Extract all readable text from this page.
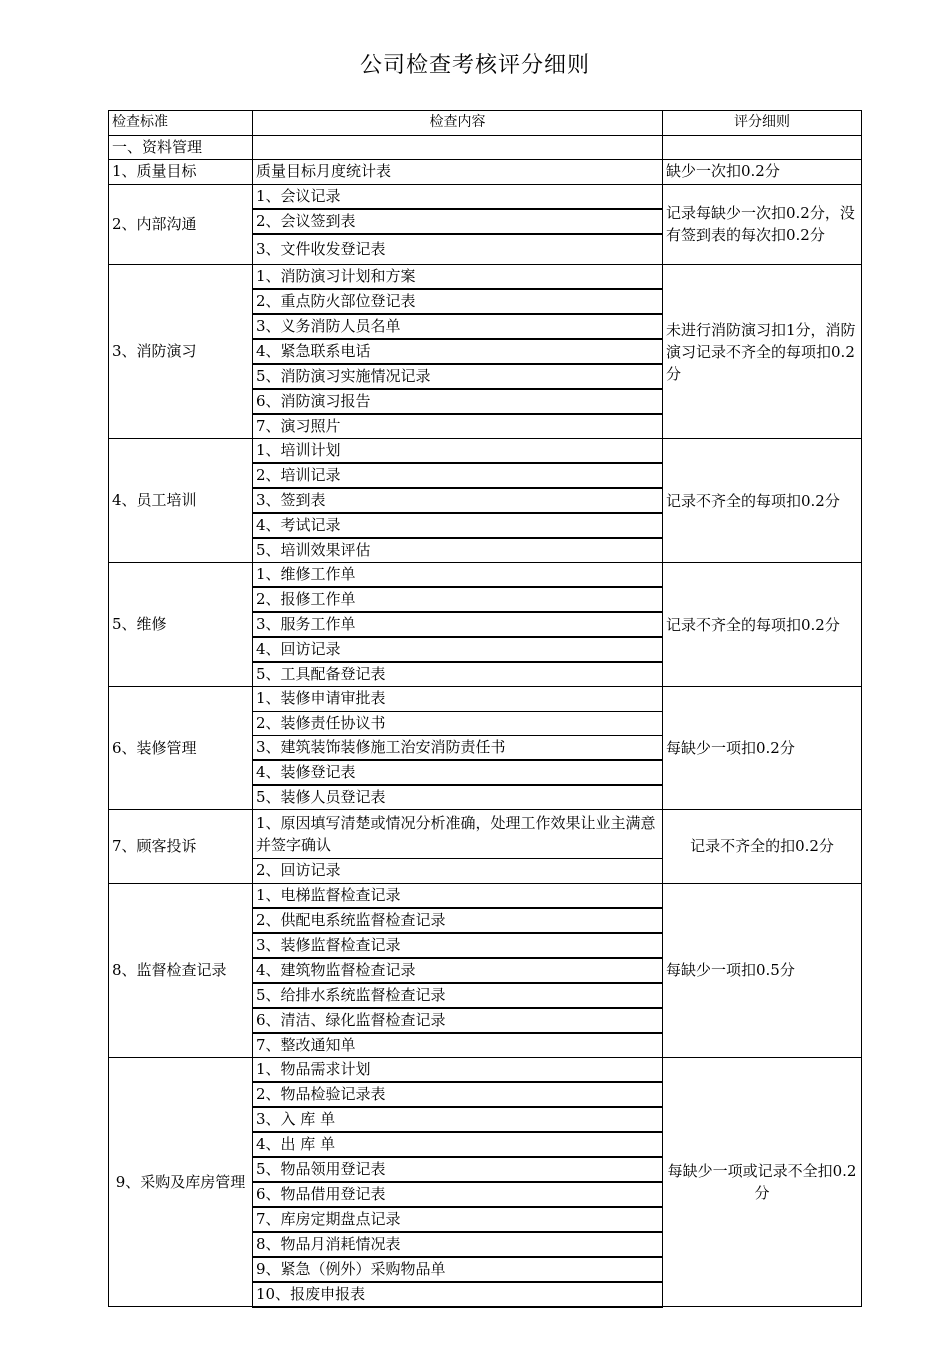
公司检查考核评分细则
检查标准	检查内容	评分细则
一、资料管理		
1、质量目标	质量目标月度统计表	缺少一次扣0.2分
2、内部沟通	1、会议记录	记录每缺少一次扣0.2分，没有签到表的每次扣0.2分
	2、会议签到表	
	3、文件收发登记表	
3、消防演习	1、消防演习计划和方案	未进行消防演习扣1分，消防演习记录不齐全的每项扣0.2分
	2、重点防火部位登记表	
	3、义务消防人员名单	
	4、紧急联系电话	
	5、消防演习实施情况记录	
	6、消防演习报告	
	7、演习照片	
4、员工培训	1、培训计划	记录不齐全的每项扣0.2分
	2、培训记录	
	3、签到表	
	4、考试记录	
	5、培训效果评估	
5、维修	1、维修工作单	记录不齐全的每项扣0.2分
	2、报修工作单	
	3、服务工作单	
	4、回访记录	
	5、工具配备登记表	
6、装修管理	1、装修申请审批表	每缺少一项扣0.2分
	2、装修责任协议书	
	3、建筑装饰装修施工治安消防责任书	
	4、装修登记表	
	5、装修人员登记表	
7、顾客投诉	1、原因填写清楚或情况分析准确，处理工作效果让业主满意并签字确认	记录不齐全的扣0.2分
	2、回访记录	
8、监督检查记录	1、电梯监督检查记录	每缺少一项扣0.5分
	2、供配电系统监督检查记录	
	3、装修监督检查记录	
	4、建筑物监督检查记录	
	5、给排水系统监督检查记录	
	6、清洁、绿化监督检查记录	
	7、整改通知单	
9、采购及库房管理	1、物品需求计划	每缺少一项或记录不全扣0.2分
	2、物品检验记录表	
	3、入 库 单	
	4、出 库 单	
	5、物品领用登记表	
	6、物品借用登记表	
	7、库房定期盘点记录	
	8、物品月消耗情况表	
	9、紧急（例外）采购物品单	
	10、报废申报表	
